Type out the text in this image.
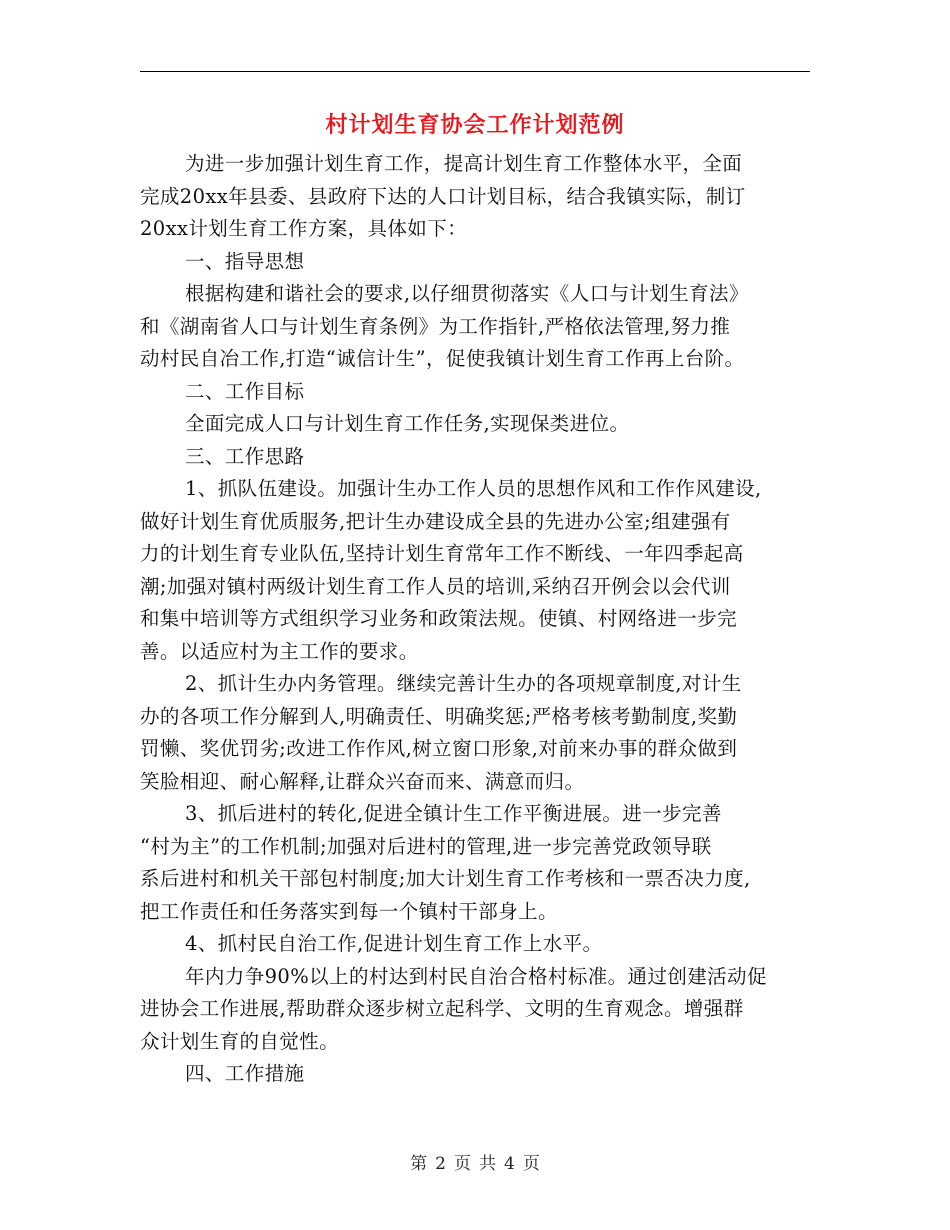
村计划生育协会工作计划范例
为进一步加强计划生育工作，提高计划生育工作整体水平，全面
完成20xx年县委、县政府下达的人口计划目标，结合我镇实际，制订
20xx计划生育工作方案，具体如下：
一、指导思想
根据构建和谐社会的要求,以仔细贯彻落实《人口与计划生育法》
和《湖南省人口与计划生育条例》为工作指针,严格依法管理,努力推
动村民自冶工作,打造“诚信计生”，促使我镇计划生育工作再上台阶。
二、工作目标
全面完成人口与计划生育工作任务,实现保类进位。
三、工作思路
1、抓队伍建设。加强计生办工作人员的思想作风和工作作风建设,
做好计划生育优质服务,把计生办建设成全县的先进办公室;组建强有
力的计划生育专业队伍,坚持计划生育常年工作不断线、一年四季起高
潮;加强对镇村两级计划生育工作人员的培训,采纳召开例会以会代训
和集中培训等方式组织学习业务和政策法规。使镇、村网络进一步完
善。以适应村为主工作的要求。
2、抓计生办内务管理。继续完善计生办的各项规章制度,对计生
办的各项工作分解到人,明确责任、明确奖惩;严格考核考勤制度,奖勤
罚懒、奖优罚劣;改进工作作风,树立窗口形象,对前来办事的群众做到
笑脸相迎、耐心解释,让群众兴奋而来、满意而归。
3、抓后进村的转化,促进全镇计生工作平衡进展。进一步完善
“村为主”的工作机制;加强对后进村的管理,进一步完善党政领导联
系后进村和机关干部包村制度;加大计划生育工作考核和一票否决力度,
把工作责任和任务落实到每一个镇村干部身上。
4、抓村民自治工作,促进计划生育工作上水平。
年内力争90%以上的村达到村民自治合格村标准。通过创建活动促
进协会工作进展,帮助群众逐步树立起科学、文明的生育观念。增强群
众计划生育的自觉性。
四、工作措施
第 2 页 共 4 页
